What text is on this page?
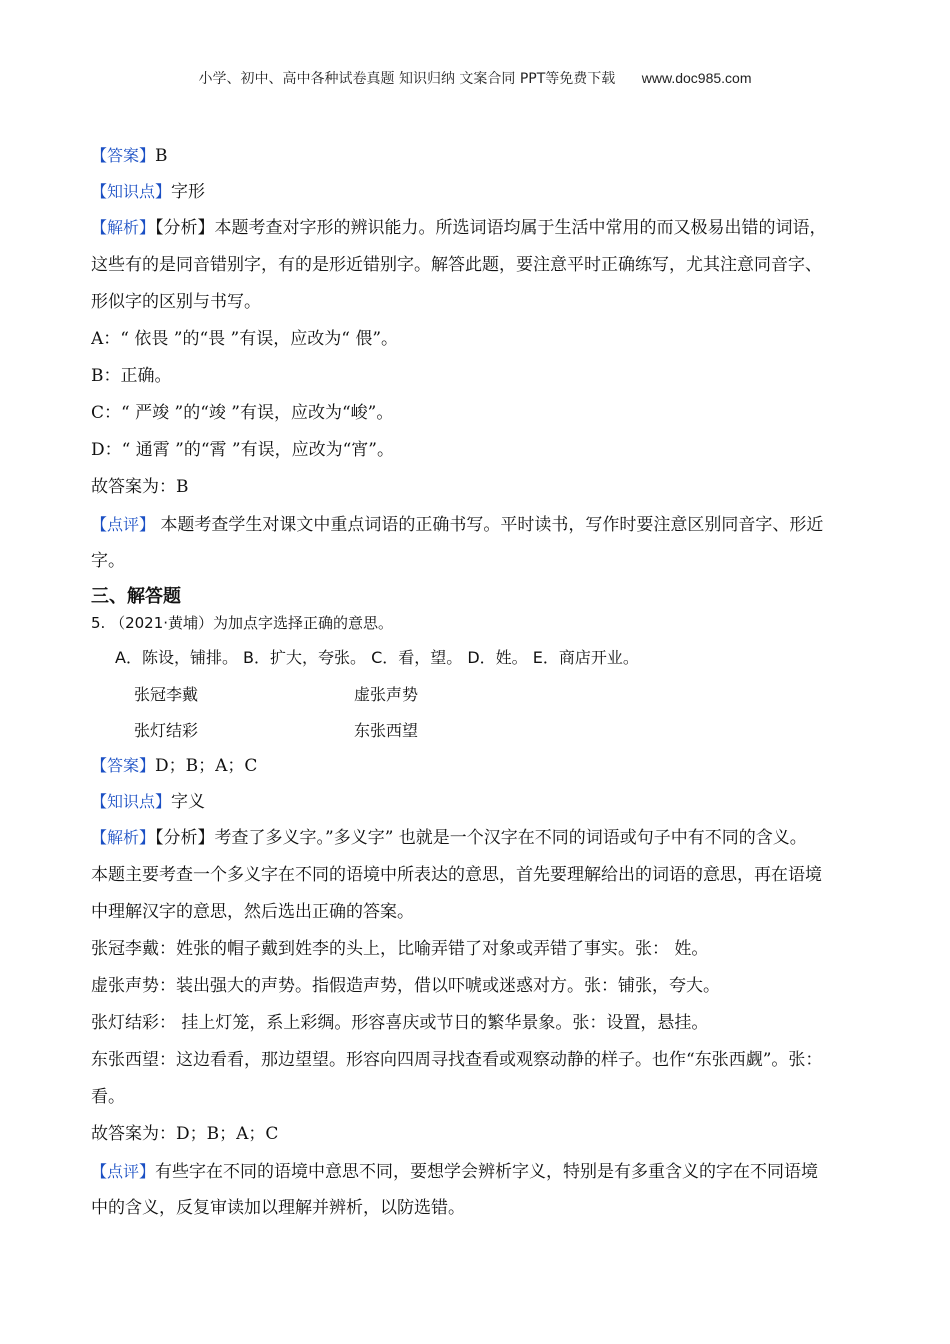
小学、初中、高中各种试卷真题 知识归纳 文案合同 PPT等免费下载 www.doc985.com
【答案】B
【知识点】字形
【解析】【分析】本题考查对字形的辨识能力。所选词语均属于生活中常用的而又极易出错的词语，
这些有的是同音错别字，有的是形近错别字。解答此题，要注意平时正确练写，尤其注意同音字、
形似字的区别与书写。
A：“ 依畏 ”的“畏 ”有误，应改为“ 偎”。
B：正确。
C：“ 严竣 ”的“竣 ”有误，应改为“峻”。
D：“ 通霄 ”的“霄 ”有误，应改为“宵”。
故答案为：B
【点评】 本题考查学生对课文中重点词语的正确书写。平时读书，写作时要注意区别同音字、形近
字。
三、解答题
5. （2021·黄埔）为加点字选择正确的意思。
A．陈设，铺排。 B．扩大，夸张。 C．看，望。 D．姓。 E．商店开业。
张冠李戴	虚张声势
张灯结彩	东张西望
【答案】D；B；A；C
【知识点】字义
【解析】【分析】考查了多义字。”多义字” 也就是一个汉字在不同的词语或句子中有不同的含义。
本题主要考查一个多义字在不同的语境中所表达的意思，首先要理解给出的词语的意思，再在语境
中理解汉字的意思，然后选出正确的答案。
张冠李戴：姓张的帽子戴到姓李的头上，比喻弄错了对象或弄错了事实。张： 姓。
虚张声势：装出强大的声势。指假造声势，借以吓唬或迷惑对方。张：铺张，夸大。
张灯结彩： 挂上灯笼，系上彩绸。形容喜庆或节日的繁华景象。张：设置，悬挂。
东张西望：这边看看，那边望望。形容向四周寻找查看或观察动静的样子。也作“东张西觑”。张：
看。
故答案为：D；B；A；C
【点评】有些字在不同的语境中意思不同，要想学会辨析字义，特别是有多重含义的字在不同语境
中的含义，反复审读加以理解并辨析，以防选错。
